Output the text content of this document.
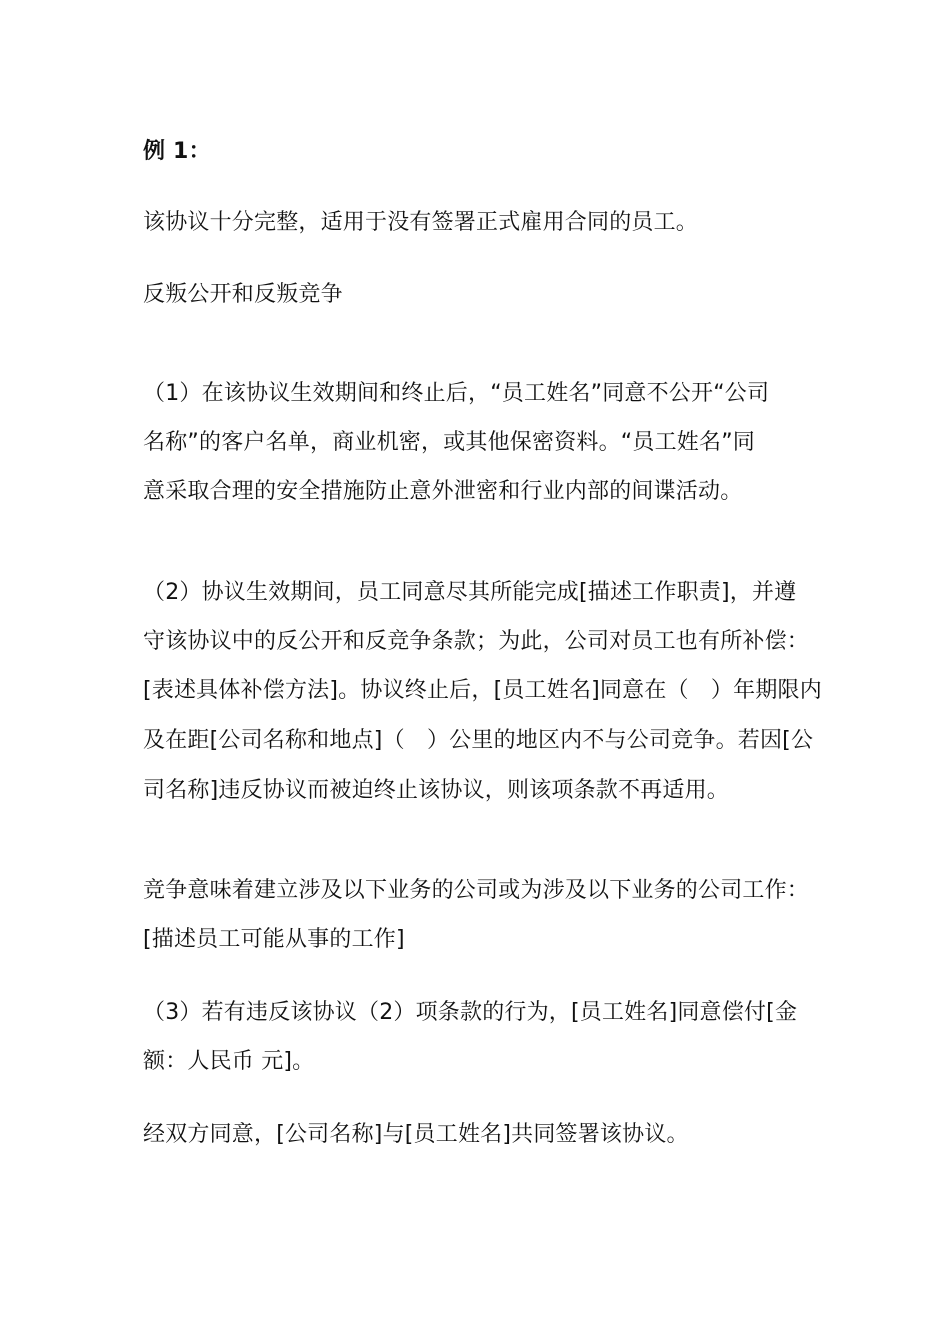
例 1：
该协议十分完整，适用于没有签署正式雇用合同的员工。
反叛公开和反叛竞争
（1）在该协议生效期间和终止后，“员工姓名”同意不公开“公司
名称”的客户名单，商业机密，或其他保密资料。“员工姓名”同
意采取合理的安全措施防止意外泄密和行业内部的间谍活动。
（2）协议生效期间，员工同意尽其所能完成[描述工作职责]，并遵
守该协议中的反公开和反竞争条款；为此，公司对员工也有所补偿：
[表述具体补偿方法]。协议终止后，[员工姓名]同意在（　）年期限内
及在距[公司名称和地点]（　）公里的地区内不与公司竞争。若因[公
司名称]违反协议而被迫终止该协议，则该项条款不再适用。
竞争意味着建立涉及以下业务的公司或为涉及以下业务的公司工作：
[描述员工可能从事的工作]
（3）若有违反该协议（2）项条款的行为，[员工姓名]同意偿付[金
额：人民币 元]。
经双方同意，[公司名称]与[员工姓名]共同签署该协议。
